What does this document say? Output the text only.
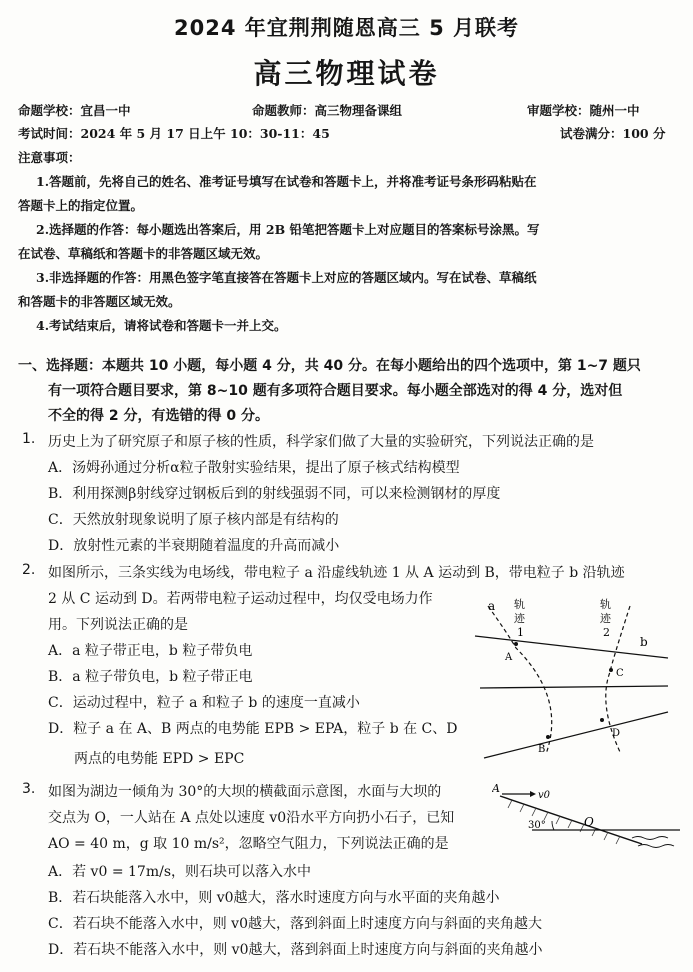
2024 年宜荆荆随恩高三 5 月联考
高三物理试卷
命题学校：宜昌一中	命题教师：高三物理备课组	审题学校：随州一中
考试时间：2024 年 5 月 17 日上午 10：30-11：45	试卷满分：100 分
注意事项：
1.答题前，先将自己的姓名、准考证号填写在试卷和答题卡上，并将准考证号条形码粘贴在
答题卡上的指定位置。
2.选择题的作答：每小题选出答案后，用 2B 铅笔把答题卡上对应题目的答案标号涂黑。写
在试卷、草稿纸和答题卡的非答题区域无效。
3.非选择题的作答：用黑色签字笔直接答在答题卡上对应的答题区域内。写在试卷、草稿纸
和答题卡的非答题区域无效。
4.考试结束后，请将试卷和答题卡一并上交。
一、选择题：本题共 10 小题，每小题 4 分，共 40 分。在每小题给出的四个选项中，第 1~7 题只
有一项符合题目要求，第 8~10 题有多项符合题目要求。每小题全部选对的得 4 分，选对但
不全的得 2 分，有选错的得 0 分。
1. 历史上为了研究原子和原子核的性质，科学家们做了大量的实验研究，下列说法正确的是
A．汤姆孙通过分析α粒子散射实验结果，提出了原子核式结构模型
B．利用探测β射线穿过钢板后到的射线强弱不同，可以来检测钢材的厚度
C．天然放射现象说明了原子核内部是有结构的
D．放射性元素的半衰期随着温度的升高而减小
2. 如图所示，三条实线为电场线，带电粒子 a 沿虚线轨迹 1 从 A 运动到 B，带电粒子 b 沿轨迹
2 从 C 运动到 D。若两带电粒子运动过程中，均仅受电场力作
用。下列说法正确的是
A．a 粒子带正电，b 粒子带负电
B．a 粒子带负电，b 粒子带正电
C．运动过程中，粒子 a 和粒子 b 的速度一直减小
D．粒子 a 在 A、B 两点的电势能 EPB > EPA，粒子 b 在 C、D
两点的电势能 EPD > EPC
a 轨
迹
1
轨
迹
2
b
A
B
C
D
3. 如图为湖边一倾角为 30°的大坝的横截面示意图，水面与大坝的
交点为 O，一人站在 A 点处以速度 v0沿水平方向扔小石子，已知
AO = 40 m，g 取 10 m/s²，忽略空气阻力，下列说法正确的是
A．若 v0 = 17m/s，则石块可以落入水中
B．若石块能落入水中，则 v0越大，落水时速度方向与水平面的夹角越小
C．若石块不能落入水中，则 v0越大，落到斜面上时速度方向与斜面的夹角越大
D．若石块不能落入水中，则 v0越大，落到斜面上时速度方向与斜面的夹角越小
A
v0
30°	O
